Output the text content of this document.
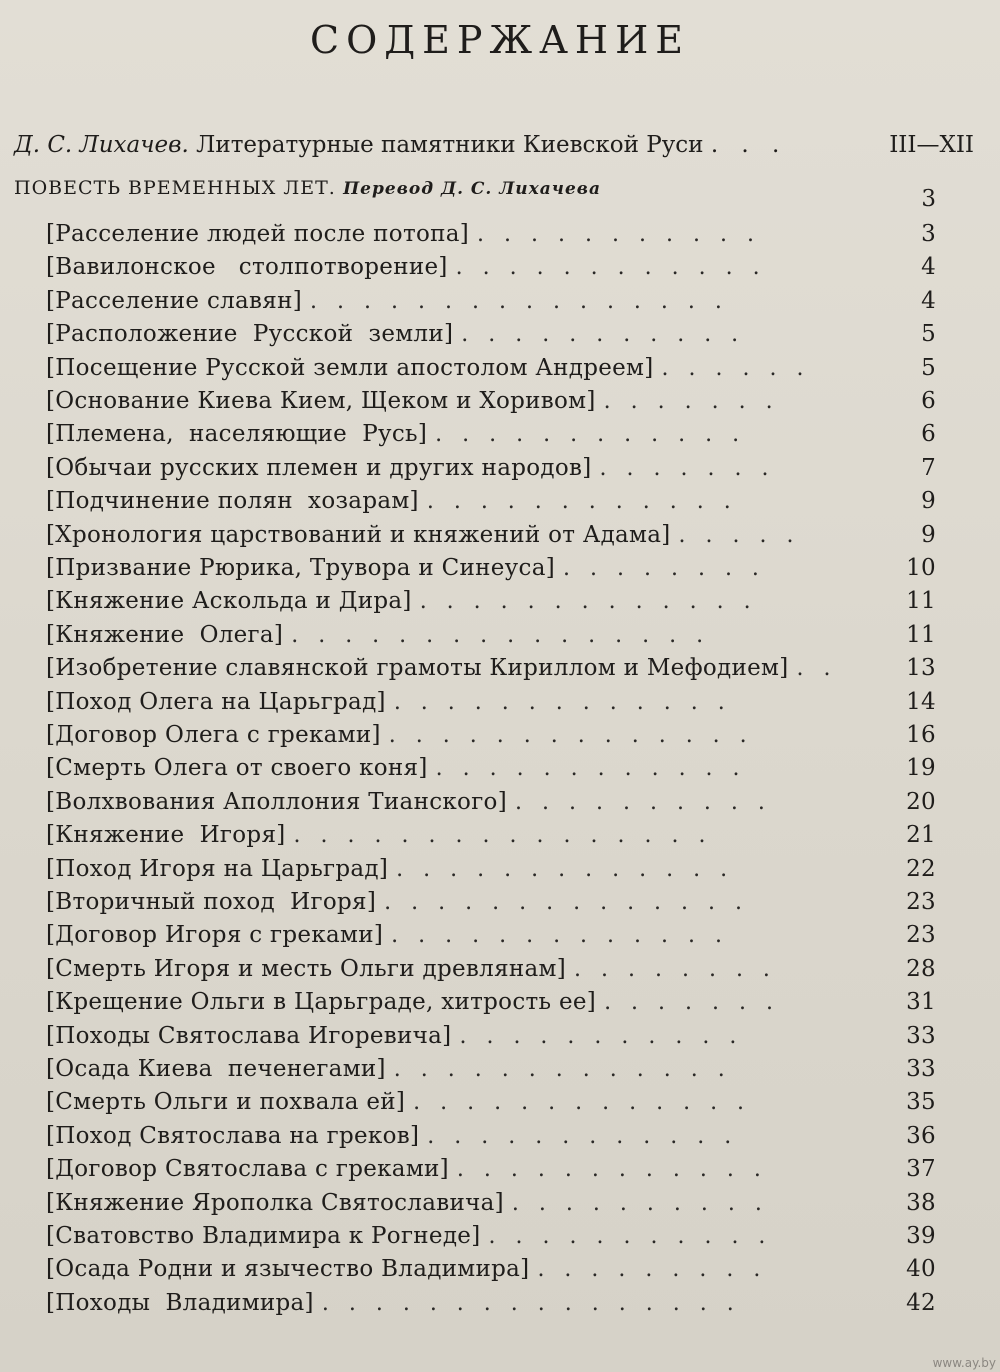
СОДЕРЖАНИЕ
Д. С. Лихачев. Литературные памятники Киевской Руси . . .	III—XII
ПОВЕСТЬ ВРЕМЕННЫХ ЛЕТ. Перевод Д. С. Лихачева	3
[Расселение людей после потопа] ...........	3
[Вавилонское   столпотворение] ............	4
[Расселение славян] ................	4
[Расположение  Русской  земли] ...........	5
[Посещение Русской земли апостолом Андреем] ......	5
[Основание Киева Кием, Щеком и Хоривом] .......	6
[Племена,  населяющие  Русь] ............	6
[Обычаи русских племен и других народов] .......	7
[Подчинение полян  хозарам] ............	9
[Хронология царствований и княжений от Адама] .....	9
[Призвание Рюрика, Трувора и Синеуса] ........	10
[Княжение Аскольда и Дира] .............	11
[Княжение  Олега] ................	11
[Изобретение славянской грамоты Кириллом и Мефодием] ..	13
[Поход Олега на Царьград] .............	14
[Договор Олега с греками] ..............	16
[Смерть Олега от своего коня] ............	19
[Волхвования Аполлония Тианского] ..........	20
[Княжение  Игоря] ................	21
[Поход Игоря на Царьград] .............	22
[Вторичный поход  Игоря] ..............	23
[Договор Игоря с греками] .............	23
[Смерть Игоря и месть Ольги древлянам] ........	28
[Крещение Ольги в Царьграде, хитрость ее] .......	31
[Походы Святослава Игоревича] ...........	33
[Осада Киева  печенегами] .............	33
[Смерть Ольги и похвала ей] .............	35
[Поход Святослава на греков] ............	36
[Договор Святослава с греками] ............	37
[Княжение Ярополка Святославича] ..........	38
[Сватовство Владимира к Рогнеде] ...........	39
[Осада Родни и язычество Владимира] .........	40
[Походы  Владимира] ................	42
www.ay.by
